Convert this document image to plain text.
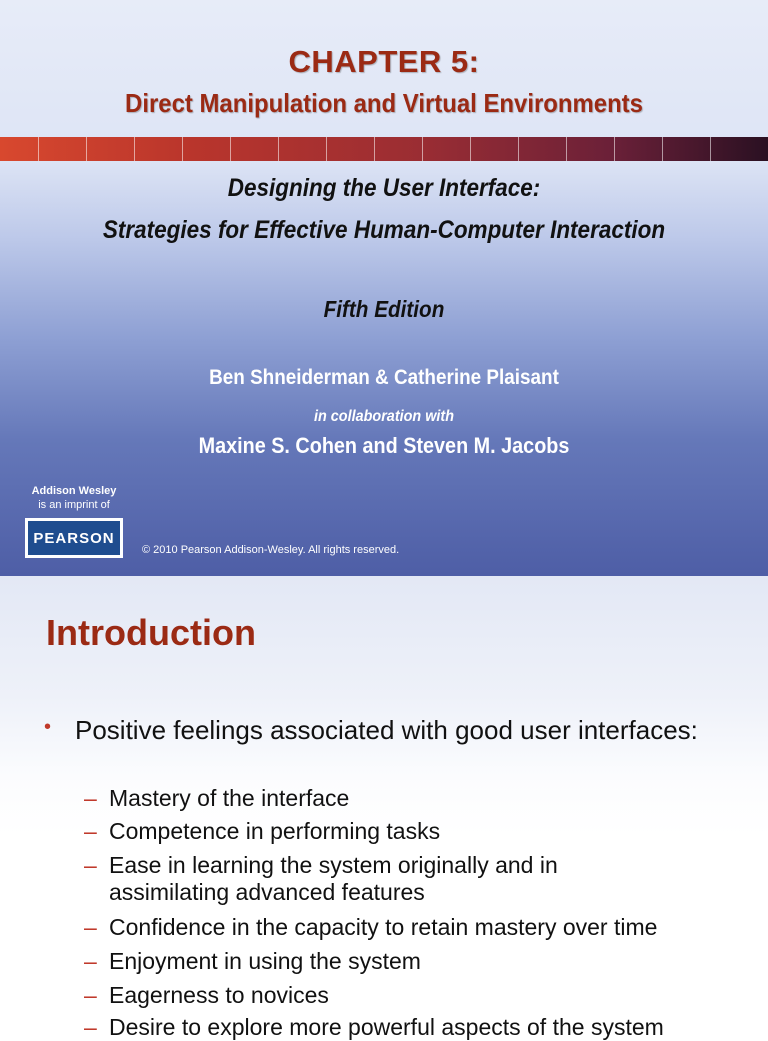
CHAPTER 5:
Direct Manipulation and Virtual Environments
Designing the User Interface:
Strategies for Effective Human-Computer Interaction
Fifth Edition
Ben Shneiderman & Catherine Plaisant
in collaboration with
Maxine S. Cohen and Steven M. Jacobs
Addison Wesley
is an imprint of
PEARSON
© 2010 Pearson Addison-Wesley. All rights reserved.
Introduction
• Positive feelings associated with good user interfaces:
– Mastery of the interface
– Competence in performing tasks
– Ease in learning the system originally and in assimilating advanced features
– Confidence in the capacity to retain mastery over time
– Enjoyment in using the system
– Eagerness to novices
– Desire to explore more powerful aspects of the system
